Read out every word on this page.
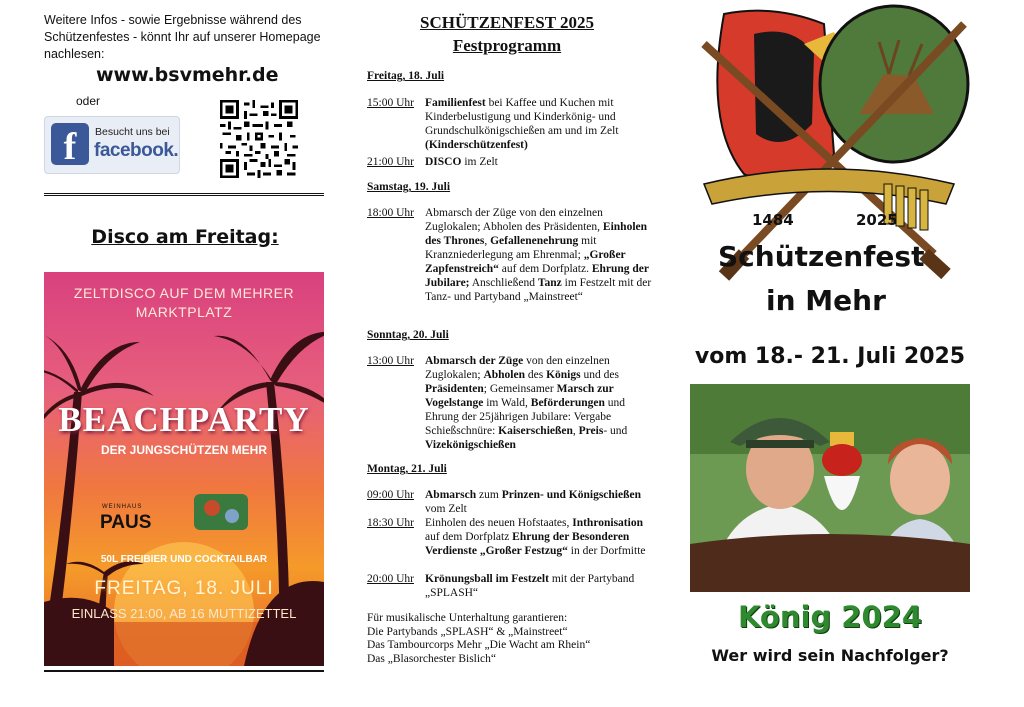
Weitere Infos - sowie Ergebnisse während des Schützenfestes - könnt Ihr auf unserer Homepage nachlesen:
www.bsvmehr.de
oder
f	Besucht uns bei
facebook.
Disco am Freitag:
ZELTDISCO AUF DEM MEHRER
MARKTPLATZ
BEACHPARTY
DER JUNGSCHÜTZEN MEHR
WEINHAUS
PAUS
50L FREIBIER UND COCKTAILBAR
FREITAG, 18. JULI
EINLASS 21:00, AB 16 MUTTIZETTEL
SCHÜTZENFEST 2025
Festprogramm
Freitag, 18. Juli
15:00 Uhr Familienfest bei Kaffee und Kuchen mit Kinderbelustigung und Kinderkönig- und Grundschulkönigschießen am und im Zelt (Kinderschützenfest)
21:00 Uhr DISCO im Zelt
Samstag, 19. Juli
18:00 Uhr Abmarsch der Züge von den einzelnen Zuglokalen; Abholen des Präsidenten, Einholen des Thrones, Gefallenenehrung mit Kranzniederlegung am Ehrenmal; „Großer Zapfenstreich“ auf dem Dorfplatz. Ehrung der Jubilare; Anschließend Tanz im Festzelt mit der Tanz- und Partyband „Mainstreet“
Sonntag, 20. Juli
13:00 Uhr Abmarsch der Züge von den einzelnen Zuglokalen; Abholen des Königs und des Präsidenten; Gemeinsamer Marsch zur Vogelstange im Wald, Beförderungen und Ehrung der 25jährigen Jubilare: Vergabe Schießschnüre: Kaiserschießen, Preis- und Vizekönigschießen
Montag, 21. Juli
09:00 Uhr Abmarsch zum Prinzen- und Königschießen vom Zelt
18:30 Uhr Einholen des neuen Hofstaates, Inthronisation auf dem Dorfplatz Ehrung der Besonderen Verdienste „Großer Festzug“ in der Dorfmitte
20:00 Uhr Krönungsball im Festzelt mit der Partyband „SPLASH“
Für musikalische Unterhaltung garantieren:
Die Partybands „SPLASH“ & „Mainstreet“
Das Tambourcorps Mehr „Die Wacht am Rhein“
Das „Blasorchester Bislich“
1484	2025
Schützenfest
in Mehr
vom 18.- 21. Juli 2025
König 2024
Wer wird sein Nachfolger?
